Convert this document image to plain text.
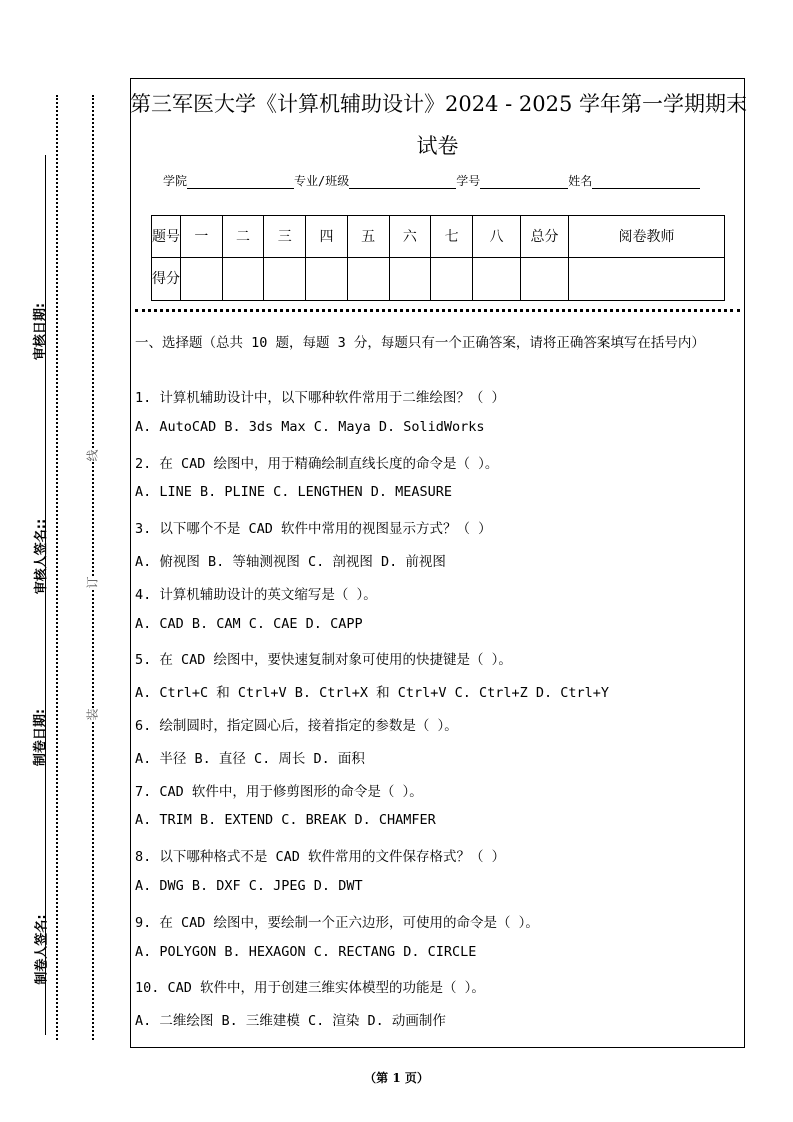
审核日期:
审核人签名::
制卷日期:
制卷人签名:
装
订
线
第三军医大学《计算机辅助设计》2024 - 2025 学年第一学期期末
试卷
学院	专业/班级	学号	姓名
题号	一	二	三	四	五	六	七	八	总分	阅卷教师
得分										
一、选择题（总共 10 题，每题 3 分，每题只有一个正确答案，请将正确答案填写在括号内）
1. 计算机辅助设计中，以下哪种软件常用于二维绘图？（ ）
A. AutoCAD B. 3ds Max C. Maya D. SolidWorks
2. 在 CAD 绘图中，用于精确绘制直线长度的命令是（ ）。
A. LINE B. PLINE C. LENGTHEN D. MEASURE
3. 以下哪个不是 CAD 软件中常用的视图显示方式？（ ）
A. 俯视图 B. 等轴测视图 C. 剖视图 D. 前视图
4. 计算机辅助设计的英文缩写是（ ）。
A. CAD B. CAM C. CAE D. CAPP
5. 在 CAD 绘图中，要快速复制对象可使用的快捷键是（ ）。
A. Ctrl+C 和 Ctrl+V B. Ctrl+X 和 Ctrl+V C. Ctrl+Z D. Ctrl+Y
6. 绘制圆时，指定圆心后，接着指定的参数是（ ）。
A. 半径 B. 直径 C. 周长 D. 面积
7. CAD 软件中，用于修剪图形的命令是（ ）。
A. TRIM B. EXTEND C. BREAK D. CHAMFER
8. 以下哪种格式不是 CAD 软件常用的文件保存格式？（ ）
A. DWG B. DXF C. JPEG D. DWT
9. 在 CAD 绘图中，要绘制一个正六边形，可使用的命令是（ ）。
A. POLYGON B. HEXAGON C. RECTANG D. CIRCLE
10. CAD 软件中，用于创建三维实体模型的功能是（ ）。
A. 二维绘图 B. 三维建模 C. 渲染 D. 动画制作
（第 1 页）
